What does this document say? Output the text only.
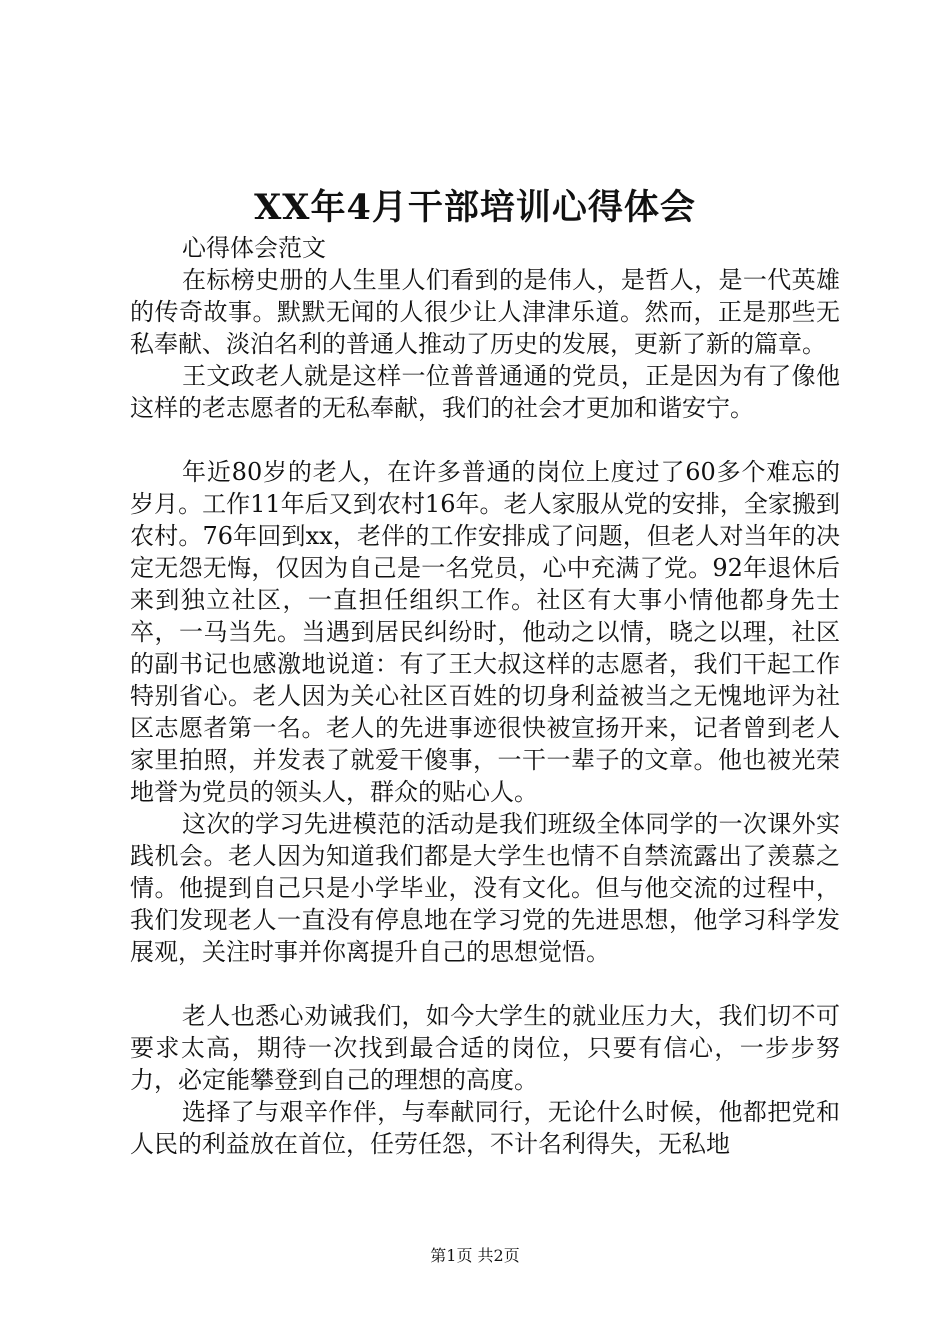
XX年4月干部培训心得体会

心得体会范文

在标榜史册的人生里人们看到的是伟人，是哲人，是一代英雄的传奇故事。默默无闻的人很少让人津津乐道。然而，正是那些无私奉献、淡泊名利的普通人推动了历史的发展，更新了新的篇章。

王文政老人就是这样一位普普通通的党员，正是因为有了像他这样的老志愿者的无私奉献，我们的社会才更加和谐安宁。

年近80岁的老人，在许多普通的岗位上度过了60多个难忘的岁月。工作11年后又到农村16年。老人家服从党的安排，全家搬到农村。76年回到xx，老伴的工作安排成了问题，但老人对当年的决定无怨无悔，仅因为自己是一名党员，心中充满了党。92年退休后来到独立社区，一直担任组织工作。社区有大事小情他都身先士卒，一马当先。当遇到居民纠纷时，他动之以情，晓之以理，社区的副书记也感激地说道：有了王大叔这样的志愿者，我们干起工作特别省心。老人因为关心社区百姓的切身利益被当之无愧地评为社区志愿者第一名。老人的先进事迹很快被宣扬开来，记者曾到老人家里拍照，并发表了就爱干傻事，一干一辈子的文章。他也被光荣地誉为党员的领头人，群众的贴心人。

这次的学习先进模范的活动是我们班级全体同学的一次课外实践机会。老人因为知道我们都是大学生也情不自禁流露出了羡慕之情。他提到自己只是小学毕业，没有文化。但与他交流的过程中，我们发现老人一直没有停息地在学习党的先进思想，他学习科学发展观，关注时事并你离提升自己的思想觉悟。

老人也悉心劝诫我们，如今大学生的就业压力大，我们切不可要求太高，期待一次找到最合适的岗位，只要有信心，一步步努力，必定能攀登到自己的理想的高度。

选择了与艰辛作伴，与奉献同行，无论什么时候，他都把党和人民的利益放在首位，任劳任怨，不计名利得失，无私地

第1页 共2页
